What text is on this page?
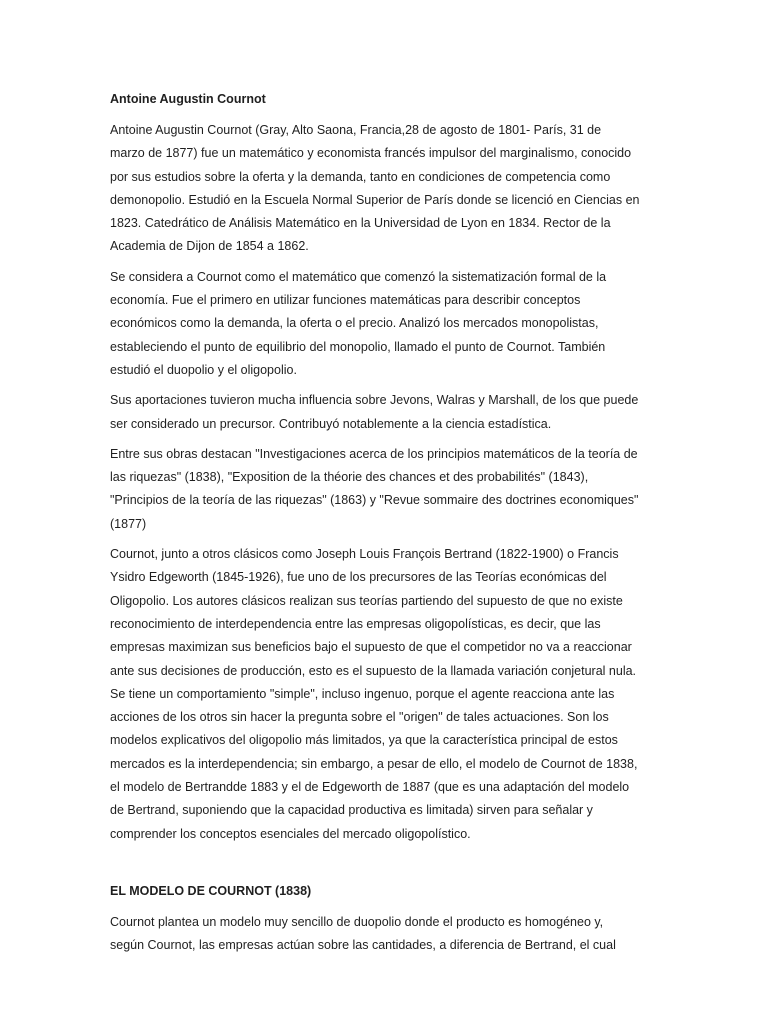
Antoine Augustin Cournot

Antoine Augustin Cournot (Gray, Alto Saona, Francia,28 de agosto de 1801- París, 31 de
marzo de 1877) fue un matemático y economista francés impulsor del marginalismo, conocido
por sus estudios sobre la oferta y la demanda, tanto en condiciones de competencia como
demonopolio. Estudió en la Escuela Normal Superior de París donde se licenció en Ciencias en
1823. Catedrático de Análisis Matemático en la Universidad de Lyon en 1834. Rector de la
Academia de Dijon de 1854 a 1862.

Se considera a Cournot como el matemático que comenzó la sistematización formal de la
economía. Fue el primero en utilizar funciones matemáticas para describir conceptos
económicos como la demanda, la oferta o el precio. Analizó los mercados monopolistas,
estableciendo el punto de equilibrio del monopolio, llamado el punto de Cournot. También
estudió el duopolio y el oligopolio.

Sus aportaciones tuvieron mucha influencia sobre Jevons, Walras y Marshall, de los que puede
ser considerado un precursor. Contribuyó notablemente a la ciencia estadística.

Entre sus obras destacan "Investigaciones acerca de los principios matemáticos de la teoría de
las riquezas" (1838), "Exposition de la théorie des chances et des probabilités" (1843),
"Principios de la teoría de las riquezas" (1863) y "Revue sommaire des doctrines economiques"
(1877)

Cournot, junto a otros clásicos como Joseph Louis François Bertrand (1822-1900) o Francis
Ysidro Edgeworth (1845-1926), fue uno de los precursores de las Teorías económicas del
Oligopolio. Los autores clásicos realizan sus teorías partiendo del supuesto de que no existe
reconocimiento de interdependencia entre las empresas oligopolísticas, es decir, que las
empresas maximizan sus beneficios bajo el supuesto de que el competidor no va a reaccionar
ante sus decisiones de producción, esto es el supuesto de la llamada variación conjetural nula.
Se tiene un comportamiento "simple", incluso ingenuo, porque el agente reacciona ante las
acciones de los otros sin hacer la pregunta sobre el "origen" de tales actuaciones. Son los
modelos explicativos del oligopolio más limitados, ya que la característica principal de estos
mercados es la interdependencia; sin embargo, a pesar de ello, el modelo de Cournot de 1838,
el modelo de Bertrandde 1883 y el de Edgeworth de 1887 (que es una adaptación del modelo
de Bertrand, suponiendo que la capacidad productiva es limitada) sirven para señalar y
comprender los conceptos esenciales del mercado oligopolístico.

EL MODELO DE COURNOT (1838)

Cournot plantea un modelo muy sencillo de duopolio donde el producto es homogéneo y,
según Cournot, las empresas actúan sobre las cantidades, a diferencia de Bertrand, el cual
